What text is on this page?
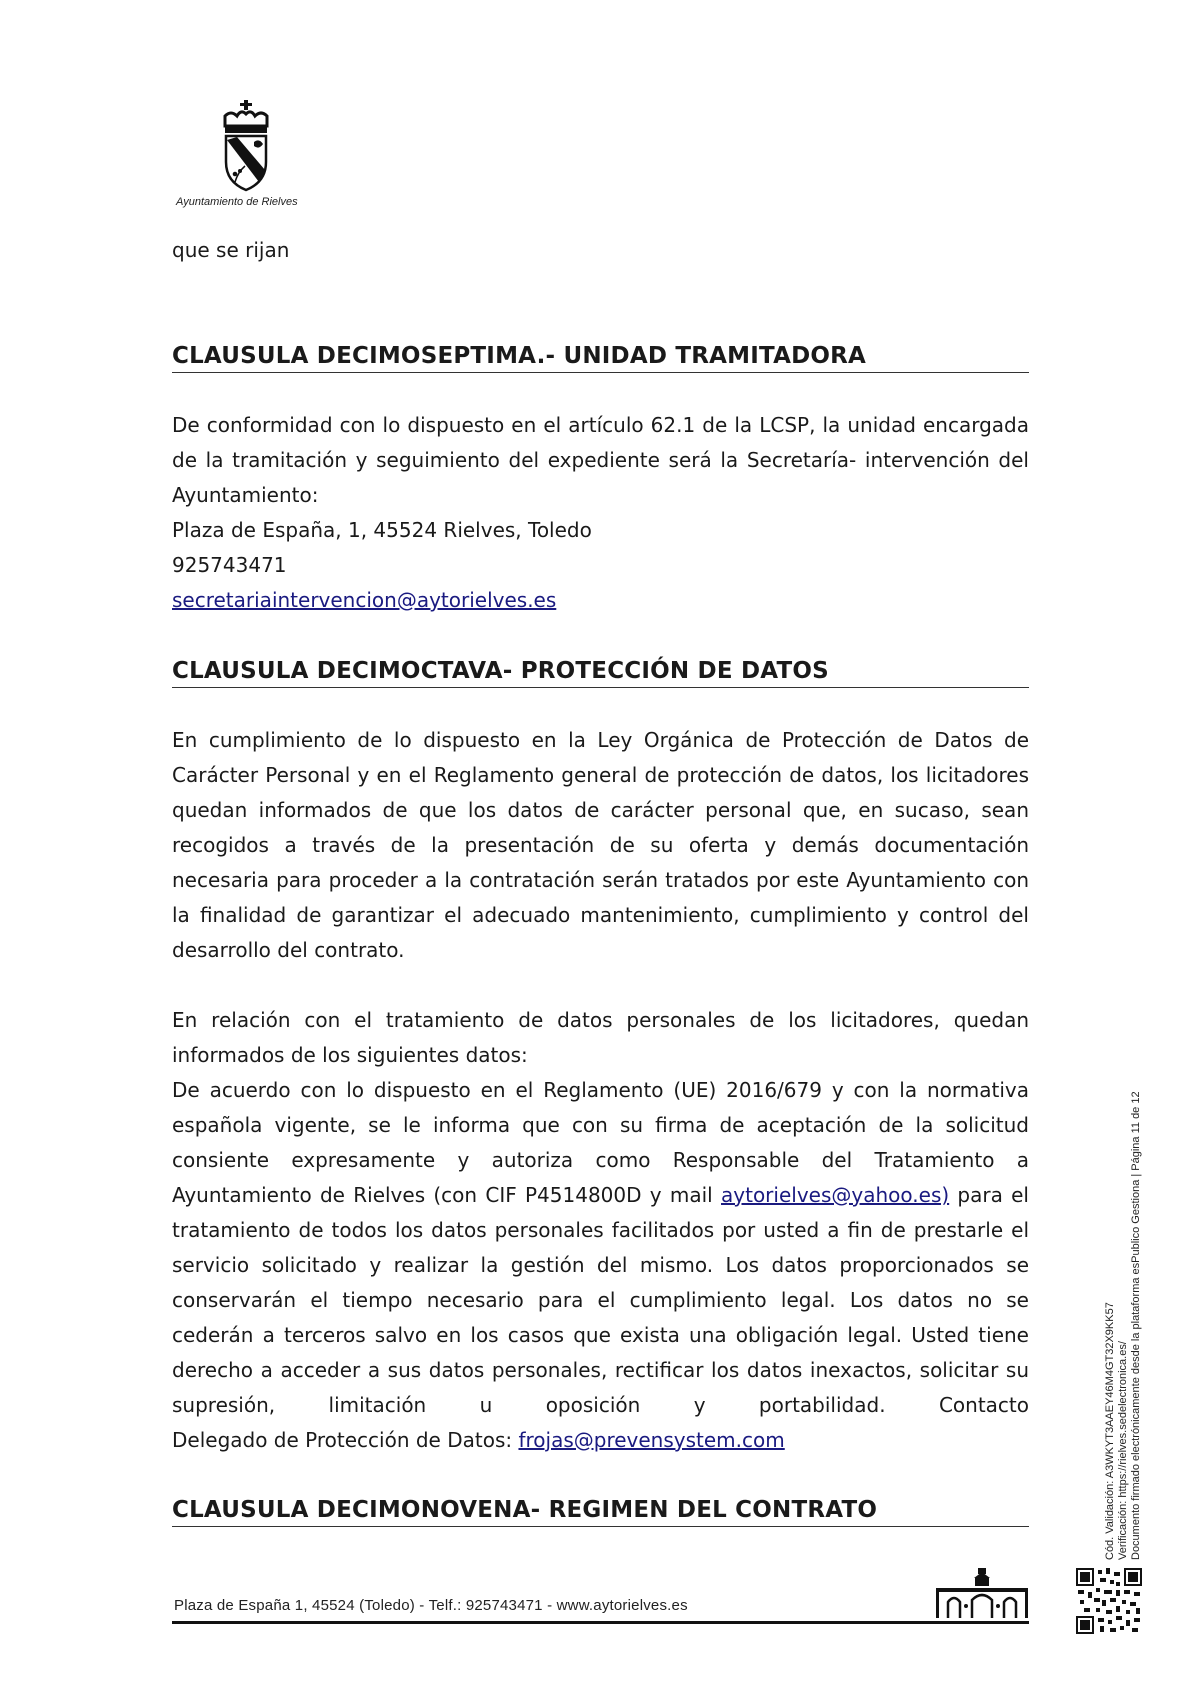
Ayuntamiento de Rielves

que se rijan

CLAUSULA DECIMOSEPTIMA.- UNIDAD TRAMITADORA

De conformidad con lo dispuesto en el artículo 62.1 de la LCSP, la unidad encargada de la tramitación y seguimiento del expediente será la Secretaría- intervención del Ayuntamiento:

Plaza de España, 1, 45524 Rielves, Toledo

925743471

secretariaintervencion@aytorielves.es

CLAUSULA DECIMOCTAVA- PROTECCIÓN DE DATOS

En cumplimiento de lo dispuesto en la Ley Orgánica de Protección de Datos de Carácter Personal y en el Reglamento general de protección de datos, los licitadores quedan informados de que los datos de carácter personal que, en sucaso, sean recogidos a través de la presentación de su oferta y demás documentación necesaria para proceder a la contratación serán tratados por este Ayuntamiento con la finalidad de garantizar el adecuado mantenimiento, cumplimiento y control del desarrollo del contrato.

En relación con el tratamiento de datos personales de los licitadores, quedan informados de los siguientes datos:

De acuerdo con lo dispuesto en el Reglamento (UE) 2016/679 y con la normativa española vigente, se le informa que con su firma de aceptación de la solicitud consiente expresamente y autoriza como Responsable del Tratamiento a Ayuntamiento de Rielves (con CIF P4514800D y mail aytorielves@yahoo.es) para el tratamiento de todos los datos personales facilitados por usted a fin de prestarle el servicio solicitado y realizar la gestión del mismo. Los datos proporcionados se conservarán el tiempo necesario para el cumplimiento legal. Los datos no se cederán a terceros salvo en los casos que exista una obligación legal. Usted tiene derecho a acceder a sus datos personales, rectificar los datos inexactos, solicitar su supresión, limitación u oposición y portabilidad. Contacto

Delegado de Protección de Datos: frojas@prevensystem.com

CLAUSULA DECIMONOVENA- REGIMEN DEL CONTRATO
Plaza de España 1, 45524 (Toledo) - Telf.: 925743471 - www.aytorielves.es
Cód. Validación: A3WKYT3AAEY46M4GT32X9KK57 Verificación: https://rielves.sedelectronica.es/ Documento firmado electrónicamente desde la plataforma esPublico Gestiona | Página 11 de 12
